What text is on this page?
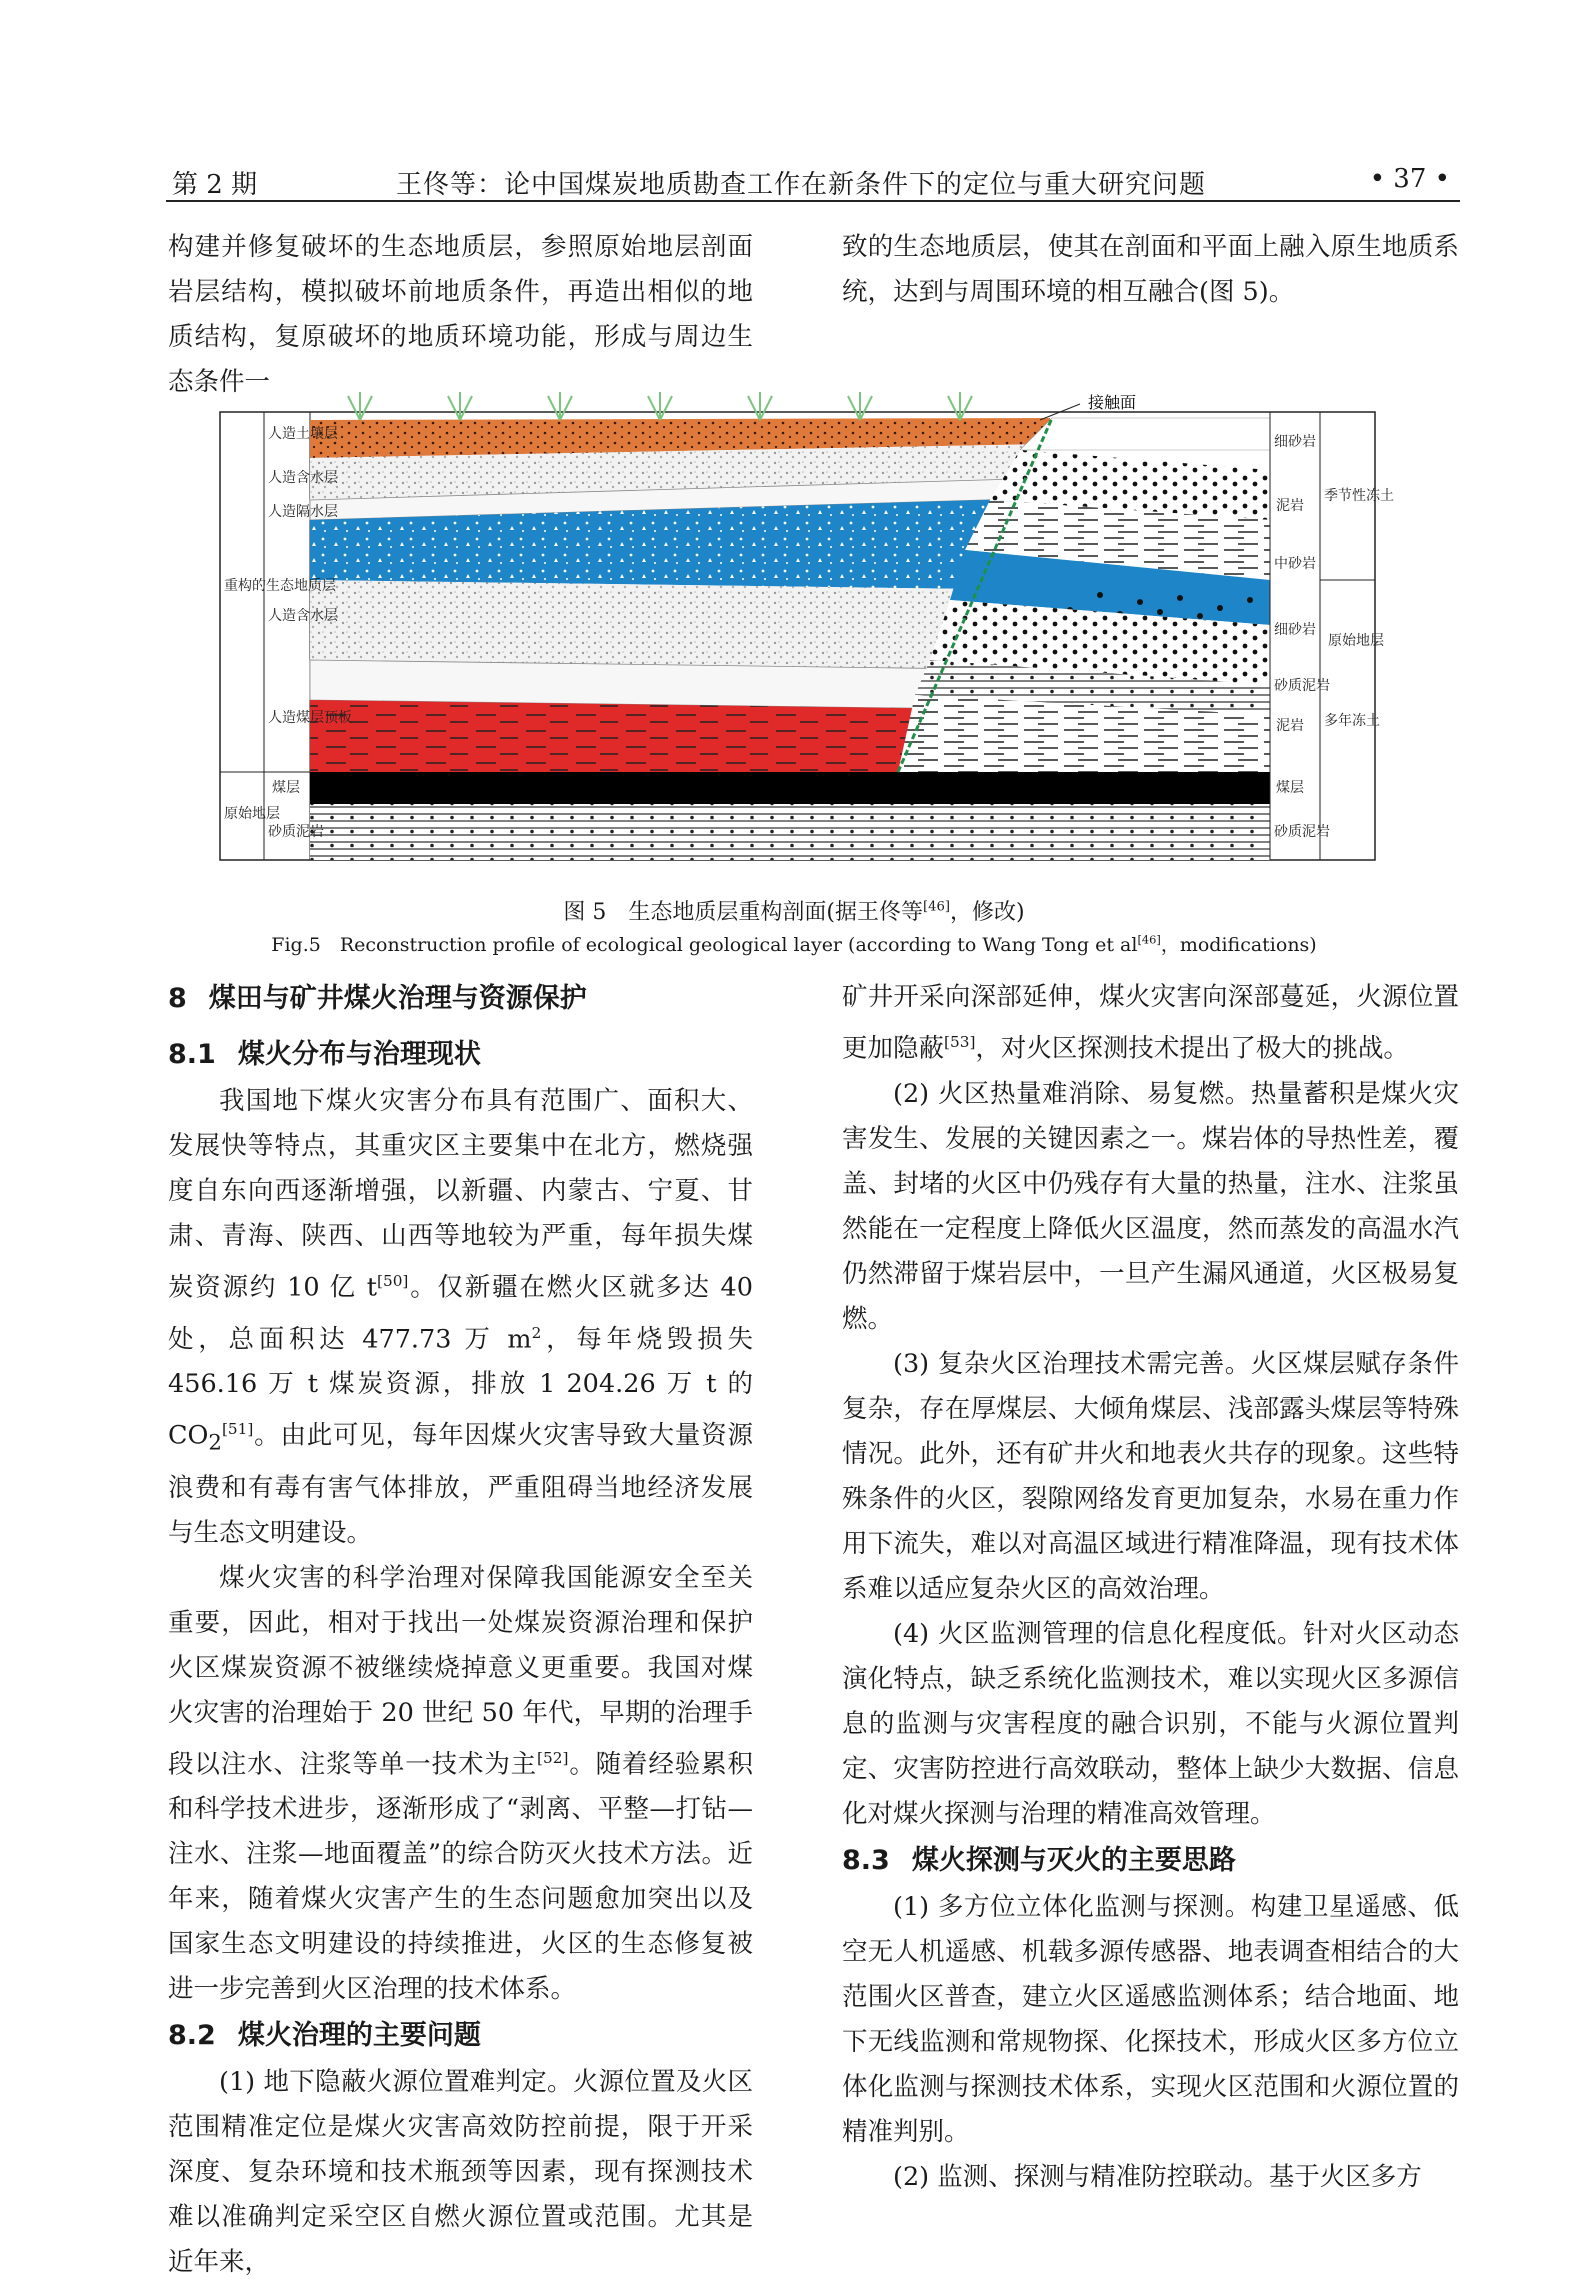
第 2 期	王佟等：论中国煤炭地质勘查工作在新条件下的定位与重大研究问题	• 37 •

构建并修复破坏的生态地质层，参照原始地层剖面岩层结构，模拟破坏前地质条件，再造出相似的地质结构，复原破坏的地质环境功能，形成与周边生态条件一

致的生态地质层，使其在剖面和平面上融入原生地质系统，达到与周围环境的相互融合(图 5)。

接触面
人造土壤层
人造含水层
人造隔水层
人造含水层
人造煤层顶板
煤层
砂质泥岩
重构的生态地质层
原始地层
细砂岩
泥岩
中砂岩
细砂岩
砂质泥岩
泥岩
煤层
砂质泥岩
季节性冻土
多年冻土
原始地层
图 5　生态地质层重构剖面(据王佟等[46]，修改)
Fig.5　Reconstruction profile of ecological geological layer (according to Wang Tong et al[46]，modifications)
8 煤田与矿井煤火治理与资源保护
8.1 煤火分布与治理现状

我国地下煤火灾害分布具有范围广、面积大、发展快等特点，其重灾区主要集中在北方，燃烧强度自东向西逐渐增强，以新疆、内蒙古、宁夏、甘肃、青海、陕西、山西等地较为严重，每年损失煤炭资源约 10 亿 t[50]。仅新疆在燃火区就多达 40 处，总面积达 477.73 万 $m^2$，每年烧毁损失 456.16 万 t 煤炭资源，排放 1 204.26 万 t 的 $CO_2[51]$。由此可见，每年因煤火灾害导致大量资源浪费和有毒有害气体排放，严重阻碍当地经济发展与生态文明建设。

煤火灾害的科学治理对保障我国能源安全至关重要，因此，相对于找出一处煤炭资源治理和保护火区煤炭资源不被继续烧掉意义更重要。我国对煤火灾害的治理始于 20 世纪 50 年代，早期的治理手段以注水、注浆等单一技术为主[52]。随着经验累积和科学技术进步，逐渐形成了“剥离、平整—打钻—注水、注浆—地面覆盖”的综合防灭火技术方法。近年来，随着煤火灾害产生的生态问题愈加突出以及国家生态文明建设的持续推进，火区的生态修复被进一步完善到火区治理的技术体系。

8.2 煤火治理的主要问题

(1) 地下隐蔽火源位置难判定。火源位置及火区范围精准定位是煤火灾害高效防控前提，限于开采深度、复杂环境和技术瓶颈等因素，现有探测技术难以准确判定采空区自燃火源位置或范围。尤其是近年来，

矿井开采向深部延伸，煤火灾害向深部蔓延，火源位置更加隐蔽[53]，对火区探测技术提出了极大的挑战。

(2) 火区热量难消除、易复燃。热量蓄积是煤火灾害发生、发展的关键因素之一。煤岩体的导热性差，覆盖、封堵的火区中仍残存有大量的热量，注水、注浆虽然能在一定程度上降低火区温度，然而蒸发的高温水汽仍然滞留于煤岩层中，一旦产生漏风通道，火区极易复燃。

(3) 复杂火区治理技术需完善。火区煤层赋存条件复杂，存在厚煤层、大倾角煤层、浅部露头煤层等特殊情况。此外，还有矿井火和地表火共存的现象。这些特殊条件的火区，裂隙网络发育更加复杂，水易在重力作用下流失，难以对高温区域进行精准降温，现有技术体系难以适应复杂火区的高效治理。

(4) 火区监测管理的信息化程度低。针对火区动态演化特点，缺乏系统化监测技术，难以实现火区多源信息的监测与灾害程度的融合识别，不能与火源位置判定、灾害防控进行高效联动，整体上缺少大数据、信息化对煤火探测与治理的精准高效管理。

8.3 煤火探测与灭火的主要思路

(1) 多方位立体化监测与探测。构建卫星遥感、低空无人机遥感、机载多源传感器、地表调查相结合的大范围火区普查，建立火区遥感监测体系；结合地面、地下无线监测和常规物探、化探技术，形成火区多方位立体化监测与探测技术体系，实现火区范围和火源位置的精准判别。

(2) 监测、探测与精准防控联动。基于火区多方
